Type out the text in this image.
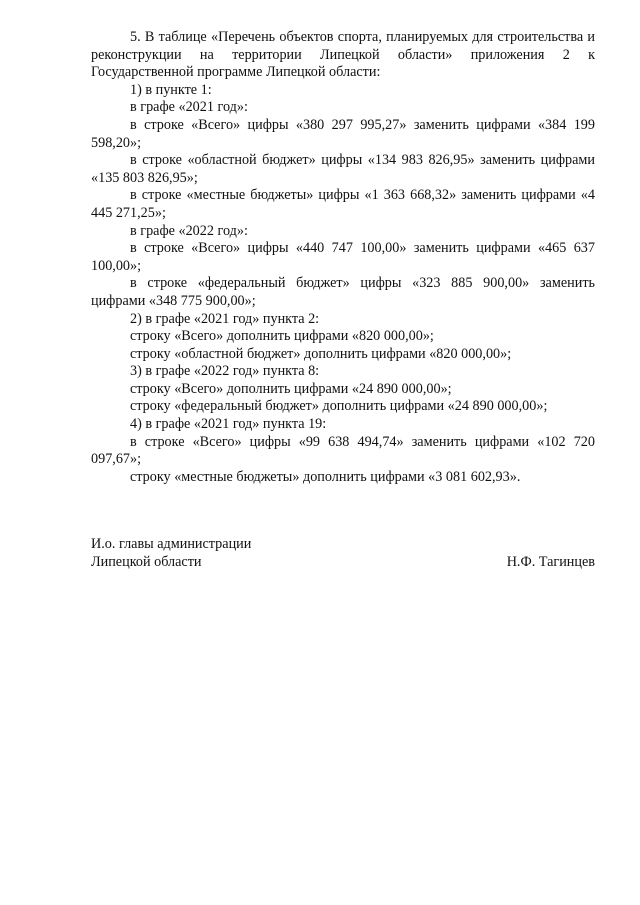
5. В таблице «Перечень объектов спорта, планируемых для строительства и реконструкции на территории Липецкой области» приложения 2 к Государственной программе Липецкой области:

1) в пункте 1:

в графе «2021 год»:

в строке «Всего» цифры «380 297 995,27» заменить цифрами «384 199 598,20»;

в строке «областной бюджет» цифры «134 983 826,95» заменить цифрами «135 803 826,95»;

в строке «местные бюджеты» цифры «1 363 668,32» заменить цифрами «4 445 271,25»;

в графе «2022 год»:

в строке «Всего» цифры «440 747 100,00» заменить цифрами «465 637 100,00»;

в строке «федеральный бюджет» цифры «323 885 900,00» заменить цифрами «348 775 900,00»;

2) в графе «2021 год» пункта 2:

строку «Всего» дополнить цифрами «820 000,00»;

строку «областной бюджет» дополнить цифрами «820 000,00»;

3) в графе «2022 год» пункта 8:

строку «Всего» дополнить цифрами «24 890 000,00»;

строку «федеральный бюджет» дополнить цифрами «24 890 000,00»;

4) в графе «2021 год» пункта 19:

в строке «Всего» цифры «99 638 494,74» заменить цифрами «102 720 097,67»;

строку «местные бюджеты» дополнить цифрами «3 081 602,93».

И.о. главы администрации
Липецкой области	Н.Ф. Тагинцев
